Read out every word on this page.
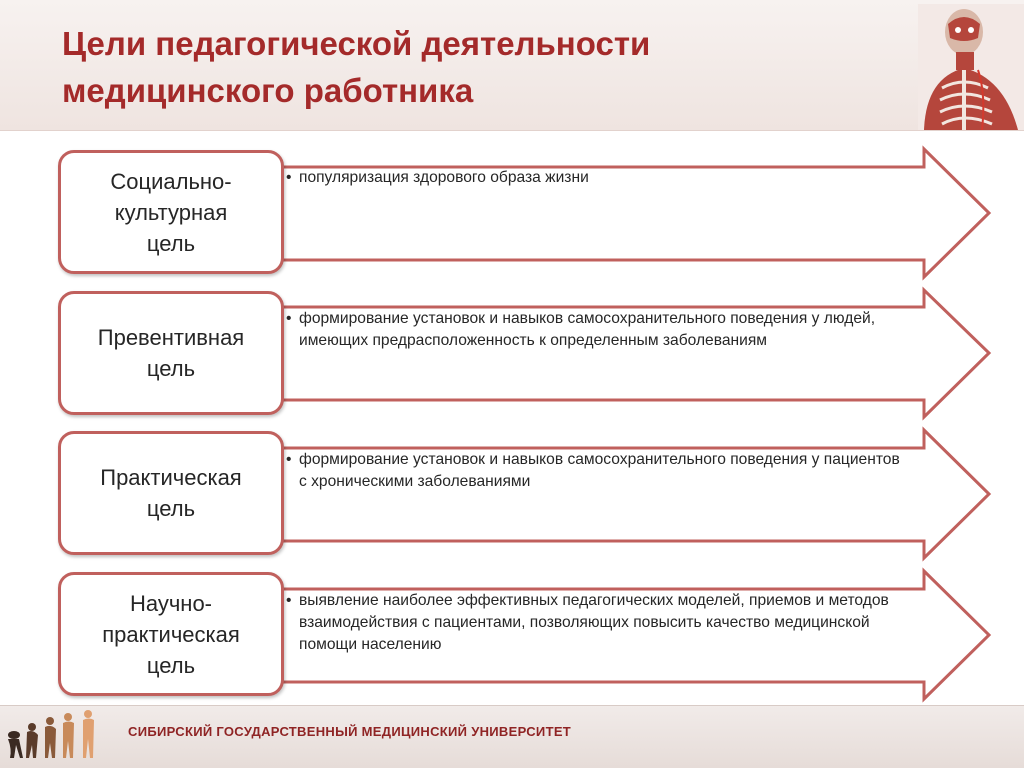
Цели педагогической деятельности
медицинского работника
Социально-
культурная
цель
Превентивная
цель
Практическая
цель
Научно-
практическая
цель

• популяризация здорового образа жизни

• формирование установок и навыков самосохранительного поведения у людей, имеющих предрасположенность к определенным заболеваниям

• формирование установок и навыков самосохранительного поведения у пациентов с хроническими заболеваниями

• выявление наиболее эффективных педагогических моделей, приемов и методов взаимодействия с пациентами, позволяющих повысить качество медицинской помощи населению

СИБИРСКИЙ ГОСУДАРСТВЕННЫЙ МЕДИЦИНСКИЙ УНИВЕРСИТЕТ
